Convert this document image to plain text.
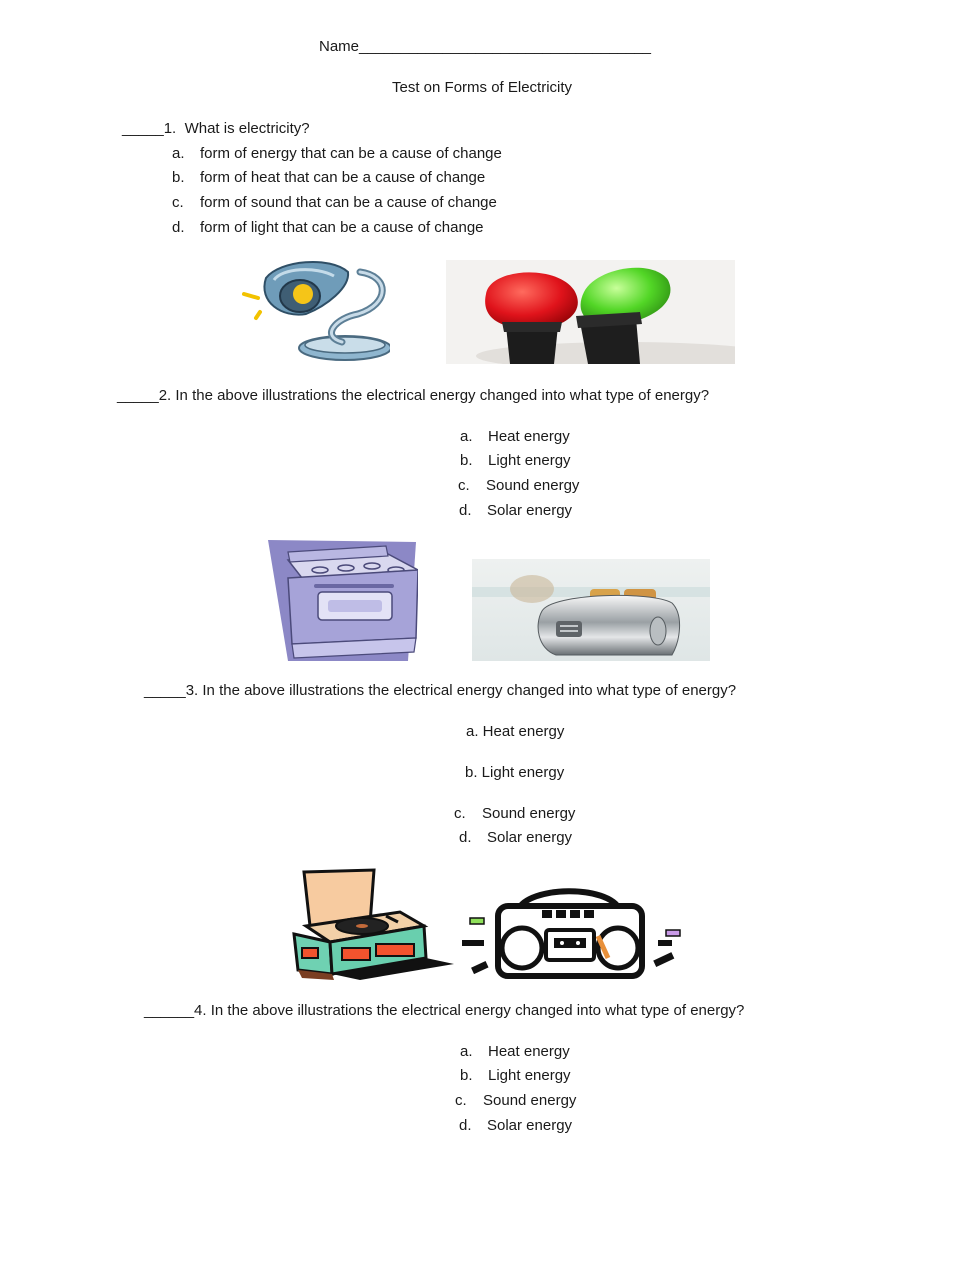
Name___________________________________
Test on Forms of Electricity
_____1. What is electricity?
a. form of energy that can be a cause of change
b. form of heat that can be a cause of change
c. form of sound that can be a cause of change
d. form of light that can be a cause of change
_____2. In the above illustrations the electrical energy changed into what type of energy?
a. Heat energy
b. Light energy
c. Sound energy
d. Solar energy
_____3. In the above illustrations the electrical energy changed into what type of energy?
a. Heat energy
b. Light energy
c. Sound energy
d. Solar energy
______4. In the above illustrations the electrical energy changed into what type of energy?
a. Heat energy
b. Light energy
c. Sound energy
d. Solar energy
